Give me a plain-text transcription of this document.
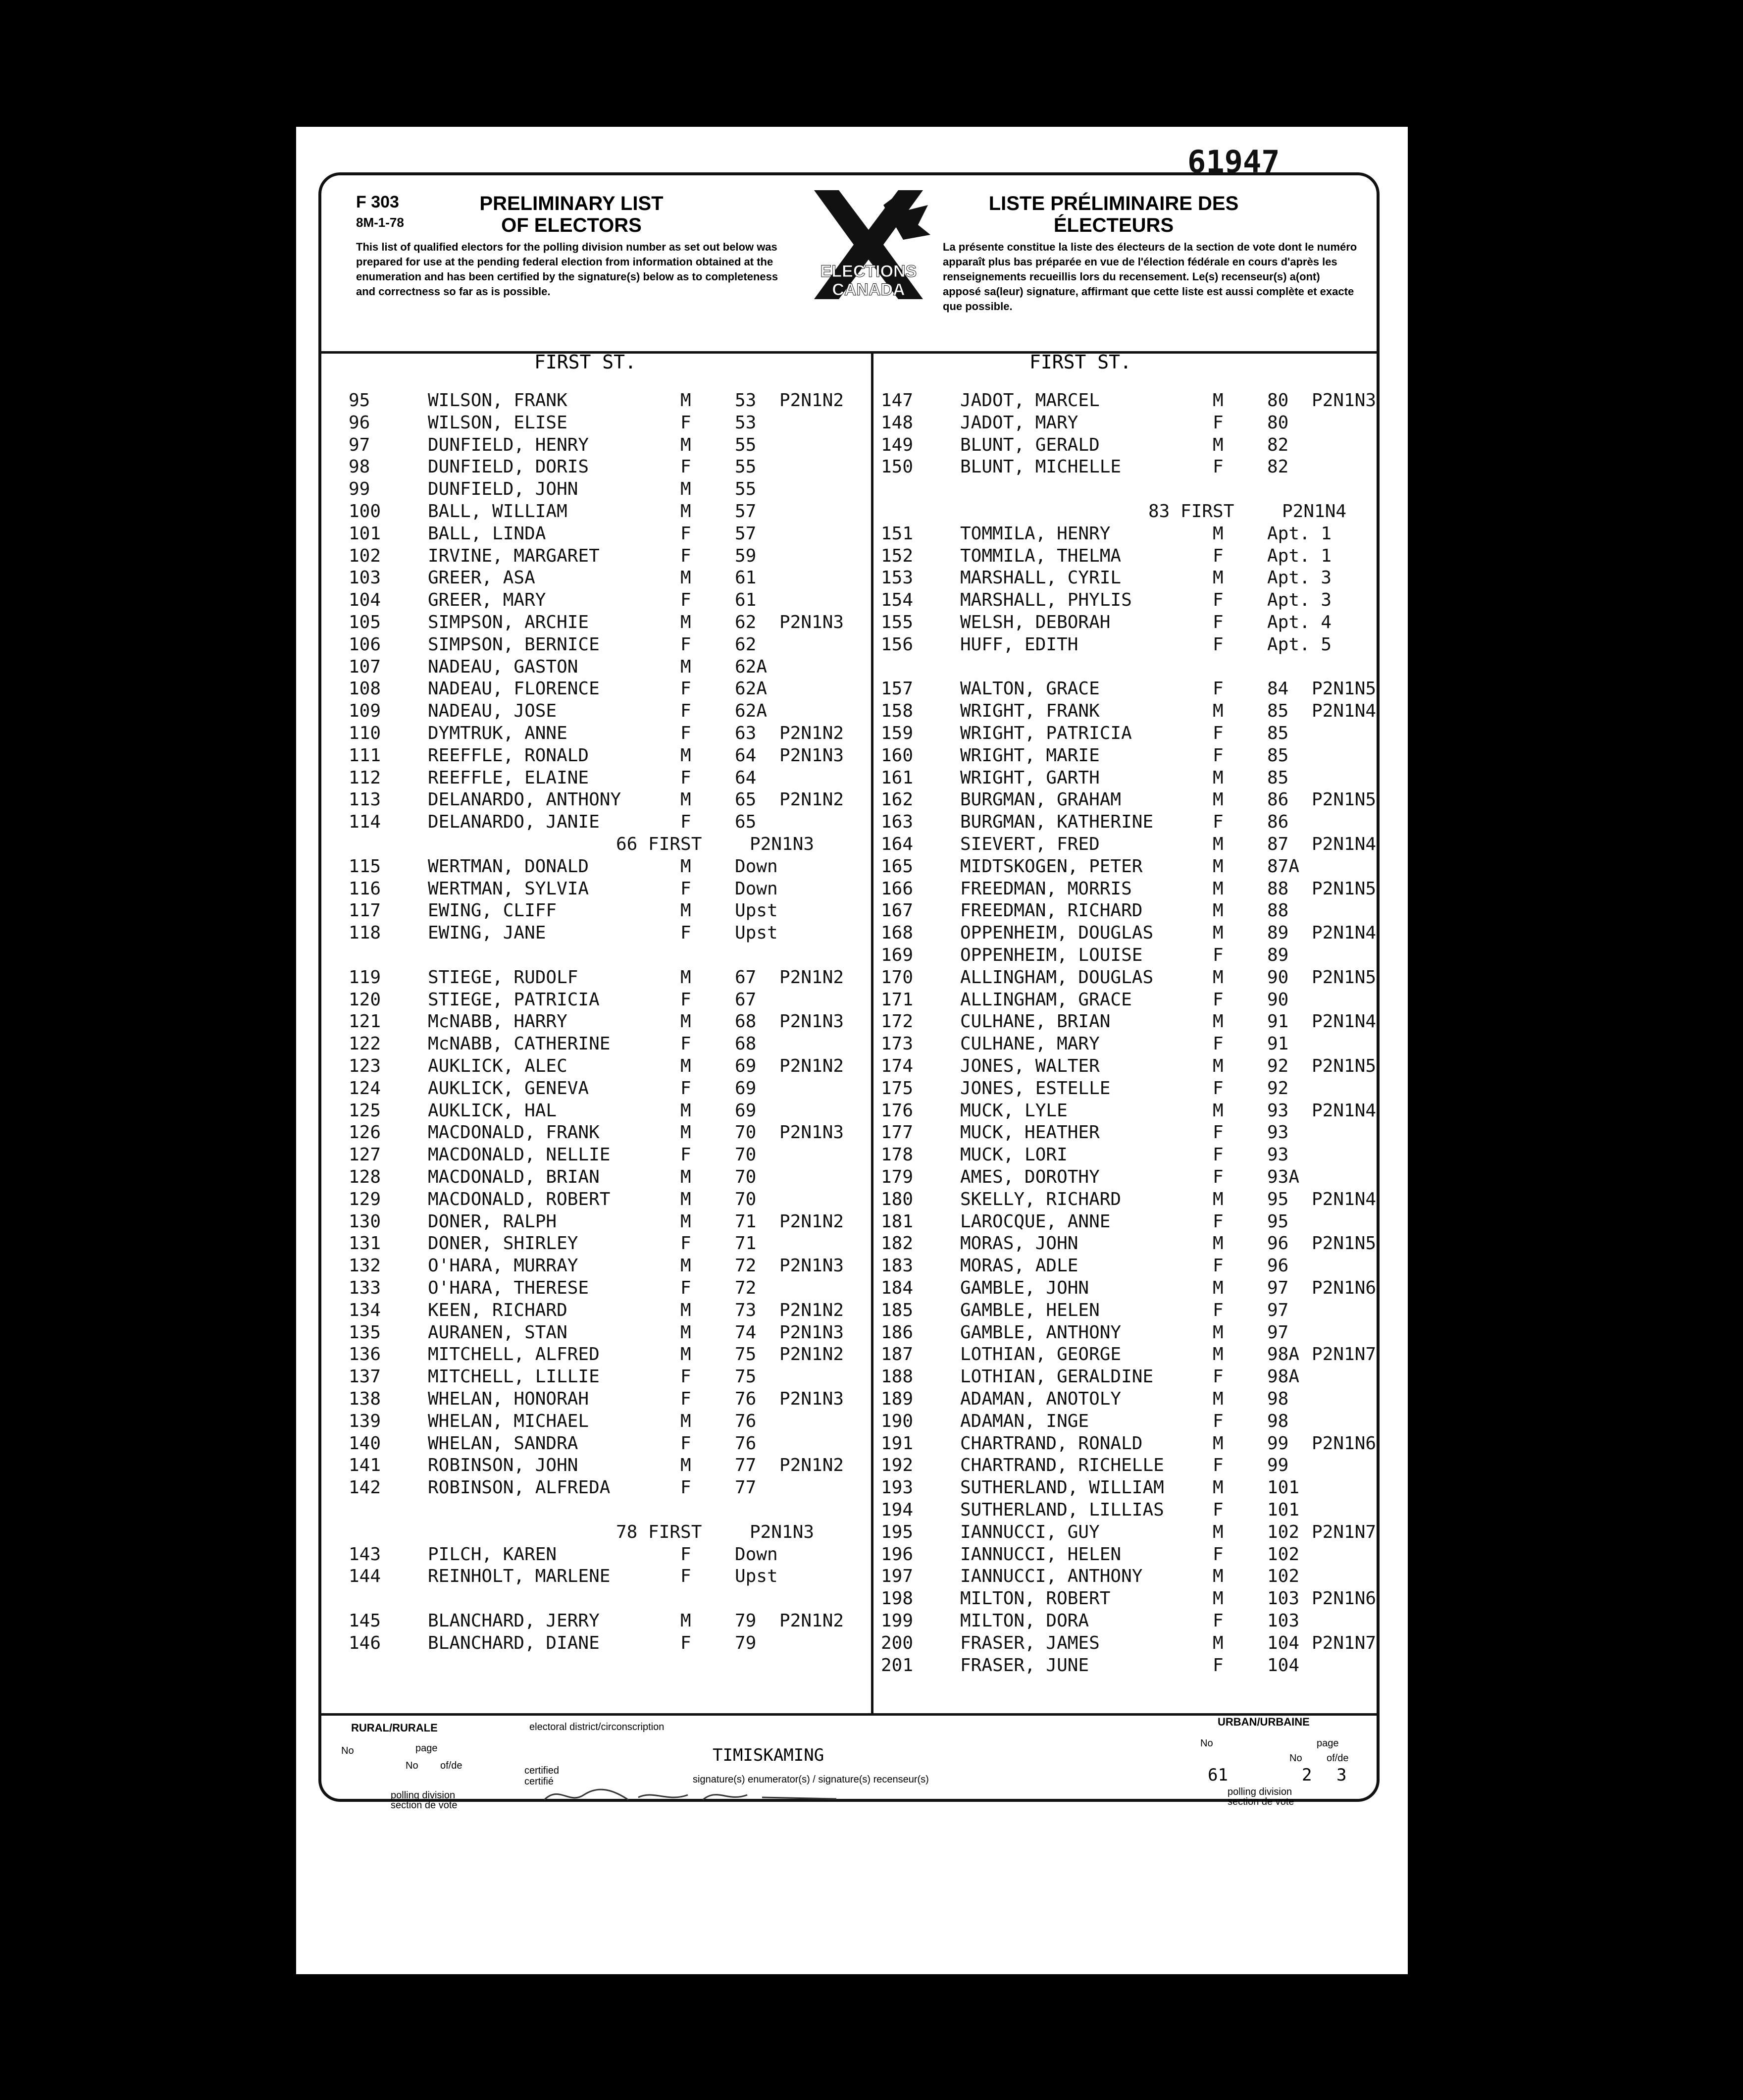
61947
F 303
8M-1-78
PRELIMINARY LIST OF ELECTORS
This list of qualified electors for the polling division number as set out below was prepared for use at the pending federal election from information obtained at the enumeration and has been certified by the signature(s) below as to completeness and correctness so far as is possible.
ELECTIONS
CANADA
LISTE PRÉLIMINAIRE DES ÉLECTEURS
La présente constitue la liste des électeurs de la section de vote dont le numéro apparaît plus bas préparée en vue de l'élection fédérale en cours d'après les renseignements recueillis lors du recensement. Le(s) recenseur(s) a(ont) apposé sa(leur) signature, affirmant que cette liste est aussi complète et exacte que possible.
FIRST ST.	FIRST ST.
95	WILSON, FRANK	M 53 P2N1N2
96	WILSON, ELISE	F 53
97	DUNFIELD, HENRY	M 55
98	DUNFIELD, DORIS	F 55
99	DUNFIELD, JOHN	M 55
100	BALL, WILLIAM	M 57
101	BALL, LINDA	F 57
102	IRVINE, MARGARET	F 59
103	GREER, ASA	M 61
104	GREER, MARY	F 61
105	SIMPSON, ARCHIE	M 62 P2N1N3
106	SIMPSON, BERNICE	F 62
107	NADEAU, GASTON	M 62A
108	NADEAU, FLORENCE	F 62A
109	NADEAU, JOSE	F 62A
110	DYMTRUK, ANNE	F 63 P2N1N2
111	REEFFLE, RONALD	M 64 P2N1N3
112	REEFFLE, ELAINE	F 64
113	DELANARDO, ANTHONY	M 65 P2N1N2
114	DELANARDO, JANIE	F 65
66 FIRST	P2N1N3
115	WERTMAN, DONALD	M Down
116	WERTMAN, SYLVIA	F Down
117	EWING, CLIFF	M Upst
118	EWING, JANE	F Upst
119	STIEGE, RUDOLF	M 67 P2N1N2
120	STIEGE, PATRICIA	F 67
121	McNABB, HARRY	M 68 P2N1N3
122	McNABB, CATHERINE	F 68
123	AUKLICK, ALEC	M 69 P2N1N2
124	AUKLICK, GENEVA	F 69
125	AUKLICK, HAL	M 69
126	MACDONALD, FRANK	M 70 P2N1N3
127	MACDONALD, NELLIE	F 70
128	MACDONALD, BRIAN	M 70
129	MACDONALD, ROBERT	M 70
130	DONER, RALPH	M 71 P2N1N2
131	DONER, SHIRLEY	F 71
132	O'HARA, MURRAY	M 72 P2N1N3
133	O'HARA, THERESE	F 72
134	KEEN, RICHARD	M 73 P2N1N2
135	AURANEN, STAN	M 74 P2N1N3
136	MITCHELL, ALFRED	M 75 P2N1N2
137	MITCHELL, LILLIE	F 75
138	WHELAN, HONORAH	F 76 P2N1N3
139	WHELAN, MICHAEL	M 76
140	WHELAN, SANDRA	F 76
141	ROBINSON, JOHN	M 77 P2N1N2
142	ROBINSON, ALFREDA	F 77
78 FIRST	P2N1N3
143	PILCH, KAREN	F Down
144	REINHOLT, MARLENE	F Upst
145	BLANCHARD, JERRY	M 79 P2N1N2
146	BLANCHARD, DIANE	F 79
147	JADOT, MARCEL	M 80 P2N1N3
148	JADOT, MARY	F 80
149	BLUNT, GERALD	M 82
150	BLUNT, MICHELLE	F 82
83 FIRST	P2N1N4
151	TOMMILA, HENRY	M Apt. 1
152	TOMMILA, THELMA	F Apt. 1
153	MARSHALL, CYRIL	M Apt. 3
154	MARSHALL, PHYLIS	F Apt. 3
155	WELSH, DEBORAH	F Apt. 4
156	HUFF, EDITH	F Apt. 5
157	WALTON, GRACE	F 84 P2N1N5
158	WRIGHT, FRANK	M 85 P2N1N4
159	WRIGHT, PATRICIA	F 85
160	WRIGHT, MARIE	F 85
161	WRIGHT, GARTH	M 85
162	BURGMAN, GRAHAM	M 86 P2N1N5
163	BURGMAN, KATHERINE	F 86
164	SIEVERT, FRED	M 87 P2N1N4
165	MIDTSKOGEN, PETER	M 87A
166	FREEDMAN, MORRIS	M 88 P2N1N5
167	FREEDMAN, RICHARD	M 88
168	OPPENHEIM, DOUGLAS	M 89 P2N1N4
169	OPPENHEIM, LOUISE	F 89
170	ALLINGHAM, DOUGLAS	M 90 P2N1N5
171	ALLINGHAM, GRACE	F 90
172	CULHANE, BRIAN	M 91 P2N1N4
173	CULHANE, MARY	F 91
174	JONES, WALTER	M 92 P2N1N5
175	JONES, ESTELLE	F 92
176	MUCK, LYLE	M 93 P2N1N4
177	MUCK, HEATHER	F 93
178	MUCK, LORI	F 93
179	AMES, DOROTHY	F 93A
180	SKELLY, RICHARD	M 95 P2N1N4
181	LAROCQUE, ANNE	F 95
182	MORAS, JOHN	M 96 P2N1N5
183	MORAS, ADLE	F 96
184	GAMBLE, JOHN	M 97 P2N1N6
185	GAMBLE, HELEN	F 97
186	GAMBLE, ANTHONY	M 97
187	LOTHIAN, GEORGE	M 98A P2N1N7
188	LOTHIAN, GERALDINE	F 98A
189	ADAMAN, ANOTOLY	M 98
190	ADAMAN, INGE	F 98
191	CHARTRAND, RONALD	M 99 P2N1N6
192	CHARTRAND, RICHELLE	F 99
193	SUTHERLAND, WILLIAM	M 101
194	SUTHERLAND, LILLIAS	F 101
195	IANNUCCI, GUY	M 102 P2N1N7
196	IANNUCCI, HELEN	F 102
197	IANNUCCI, ANTHONY	M 102
198	MILTON, ROBERT	M 103 P2N1N6
199	MILTON, DORA	F 103
200	FRASER, JAMES	M 104 P2N1N7
201	FRASER, JUNE	F 104
RURAL/RURALE	electoral district/circonscription
TIMISKAMING
URBAN/URBAINE
No	page
No of/de	certified certifié	signature(s) enumerator(s) / signature(s) recenseur(s)
polling division
section de vote
No	page
No of/de
61	2 3
polling division
section de vote
